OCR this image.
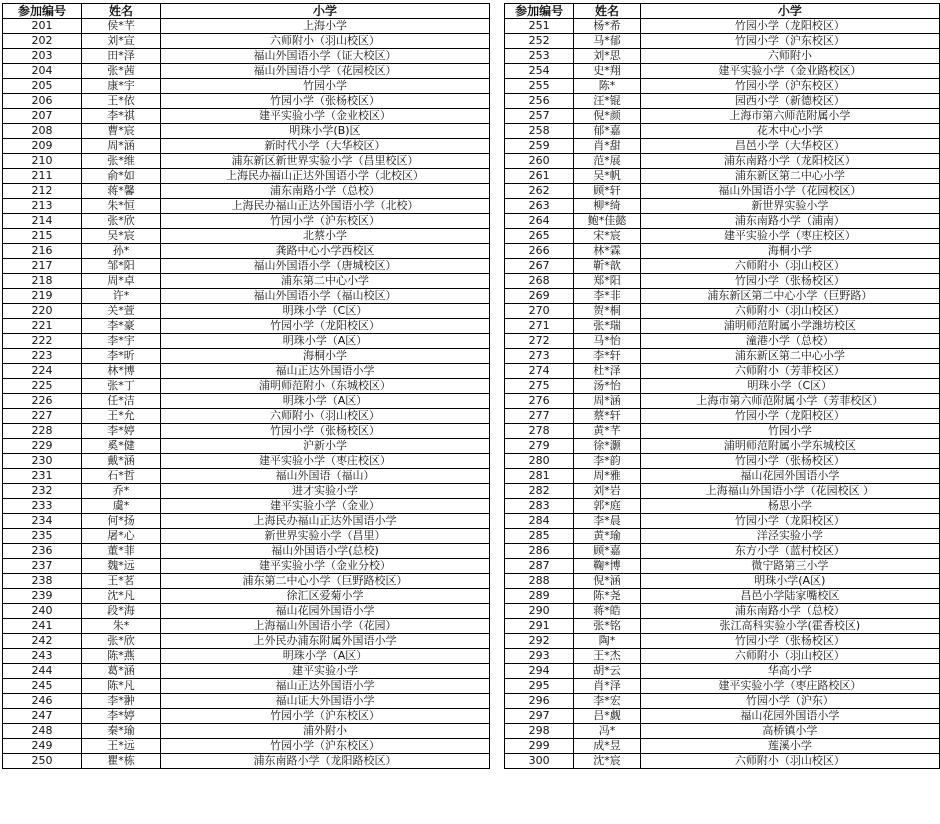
参加编号	姓名	小学
201	侯*芊	上海小学
202	刘*宣	六师附小（羽山校区）
203	田*泽	福山外国语小学（证大校区）
204	张*茜	福山外国语小学（花园校区）
205	康*宇	竹园小学
206	王*依	竹园小学（张杨校区）
207	李*祺	建平实验小学（金业校区）
208	曹*宸	明珠小学(B)区
209	周*涵	新时代小学（大华校区）
210	张*维	浦东新区新世界实验小学（昌里校区）
211	俞*如	上海民办福山正达外国语小学（北校区）
212	蒋*馨	浦东南路小学（总校）
213	朱*恒	上海民办福山正达外国语小学（北校）
214	张*欣	竹园小学（沪东校区）
215	吴*宸	北蔡小学
216	孙*	龚路中心小学西校区
217	邹*阳	福山外国语小学（唐城校区）
218	周*卓	浦东第二中心小学
219	许*	福山外国语小学（福山校区）
220	关*萱	明珠小学（C区）
221	李*豪	竹园小学（龙阳校区）
222	李*宇	明珠小学（A区）
223	李*昕	海桐小学
224	林*博	福山正达外国语小学
225	张*丁	浦明师范附小（东城校区）
226	任*洁	明珠小学（A区）
227	王*允	六师附小（羽山校区）
228	李*婷	竹园小学（张杨校区）
229	奚*健	沪新小学
230	戴*涵	建平实验小学（枣庄校区）
231	石*哲	福山外国语（福山）
232	乔*	进才实验小学
233	虞*	建平实验小学（金业）
234	何*扬	上海民办福山正达外国语小学
235	屠*心	新世界实验小学（昌里）
236	董*菲	福山外国语小学(总校)
237	魏*远	建平实验小学（金业分校）
238	王*茗	浦东第二中心小学（巨野路校区）
239	沈*凡	徐汇区爱菊小学
240	段*海	福山花园外国语小学
241	朱*	上海福山外国语小学（花园）
242	张*欣	上外民办浦东附属外国语小学
243	陈*燕	明珠小学（A区）
244	葛*涵	建平实验小学
245	陈*凡	福山正达外国语小学
246	李*翀	福山证大外国语小学
247	李*婷	竹园小学（沪东校区）
248	秦*瑜	浦外附小
249	王*远	竹园小学（沪东校区）
250	瞿*栋	浦东南路小学（龙阳路校区）
参加编号	姓名	小学
251	杨*希	竹园小学（龙阳校区）
252	马*郁	竹园小学（沪东校区）
253	刘*思	六师附小
254	史*翔	建平实验小学（金业路校区）
255	陈*	竹园小学（沪东校区）
256	汪*锟	园西小学（新德校区）
257	倪*颜	上海市第六师范附属小学
258	郁*嘉	花木中心小学
259	肖*甜	昌邑小学（大华校区）
260	范*展	浦东南路小学（龙阳校区）
261	吴*帆	浦东新区第二中心小学
262	顾*轩	福山外国语小学（花园校区）
263	柳*绮	新世界实验小学
264	鲍*佳懿	浦东南路小学（浦南）
265	宋*宸	建平实验小学（枣庄校区）
266	林*霖	海桐小学
267	靳*歆	六师附小（羽山校区）
268	郑*阳	竹园小学（张杨校区）
269	李*非	浦东新区第二中心小学（巨野路）
270	贺*桐	六师附小（羽山校区）
271	张*瑞	浦明师范附属小学潍坊校区
272	马*怡	潼港小学（总校）
273	李*轩	浦东新区第二中心小学
274	杜*泽	六师附小（芳菲校区）
275	汤*怡	明珠小学（C区）
276	周*涵	上海市第六师范附属小学（芳菲校区）
277	蔡*轩	竹园小学（龙阳校区）
278	黄*芊	竹园小学
279	徐*灏	浦明师范附属小学东城校区
280	李*韵	竹园小学（张杨校区）
281	周*雅	福山花园外国语小学
282	刘*岩	上海福山外国语小学（花园校区 ）
283	郭*庭	杨思小学
284	李*晨	竹园小学（龙阳校区）
285	黄*瑜	洋泾实验小学
286	顾*嘉	东方小学（蓝村校区）
287	鞠*博	微宁路第三小学
288	倪*涵	明珠小学(A区)
289	陈*尧	昌邑小学陆家嘴校区
290	蒋*皓	浦东南路小学（总校）
291	张*铭	张江高科实验小学(霍香校区)
292	陶*	竹园小学（张杨校区）
293	王*杰	六师附小（羽山校区）
294	胡*云	华高小学
295	肖*泽	建平实验小学（枣庄路校区）
296	李*宏	竹园小学（沪东）
297	吕*觑	福山花园外国语小学
298	冯*	高桥镇小学
299	成*昱	莲溪小学
300	沈*宸	六师附小（羽山校区）
